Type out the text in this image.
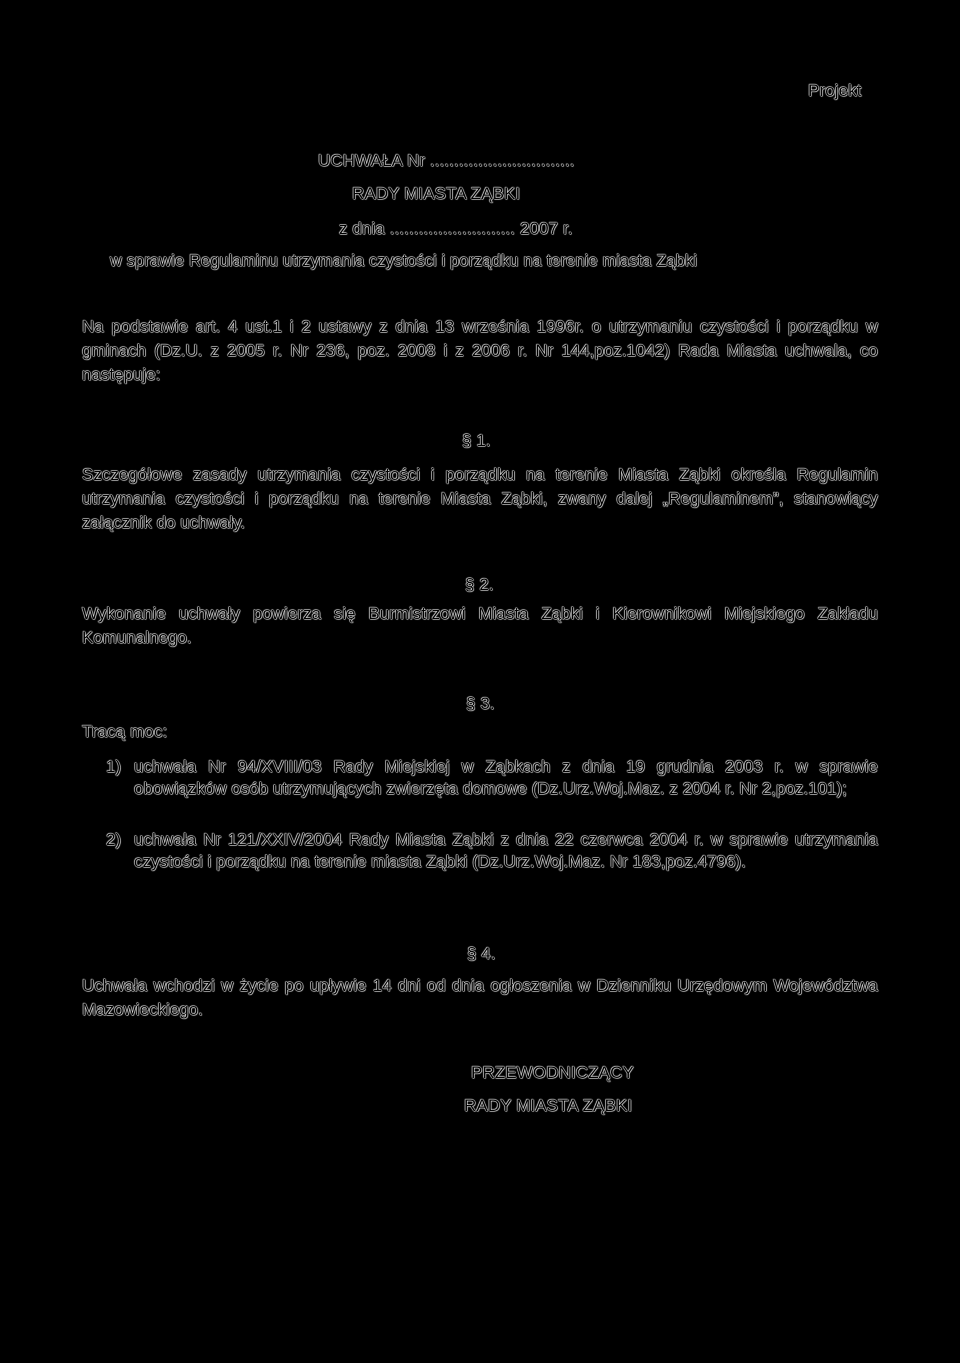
Projekt
UCHWAŁA Nr ..............................
RADY MIASTA ZĄBKI
z dnia .......................... 2007 r.
w sprawie Regulaminu utrzymania czystości i porządku na terenie miasta Ząbki
Na podstawie art. 4 ust.1 i 2 ustawy z dnia 13 września 1996r. o utrzymaniu czystości i porządku w gminach (Dz.U. z 2005 r. Nr 236, poz. 2008 i z 2006 r. Nr 144,poz.1042) Rada Miasta uchwala, co następuje:
§ 1.
Szczegółowe zasady utrzymania czystości i porządku na terenie Miasta Ząbki określa Regulamin utrzymania czystości i porządku na terenie Miasta Ząbki, zwany dalej „Regulaminem”, stanowiący załącznik do uchwały.
§ 2.
Wykonanie uchwały powierza się Burmistrzowi Miasta Ząbki i Kierownikowi Miejskiego Zakładu Komunalnego.
§ 3.
Tracą moc:
1) uchwała Nr 94/XVIII/03 Rady Miejskiej w Ząbkach z dnia 19 grudnia 2003 r. w sprawie obowiązków osób utrzymujących zwierzęta domowe (Dz.Urz.Woj.Maz. z 2004 r. Nr 2,poz.101);
2) uchwała Nr 121/XXIV/2004 Rady Miasta Ząbki z dnia 22 czerwca 2004 r. w sprawie utrzymania czystości i porządku na terenie miasta Ząbki (Dz.Urz.Woj.Maz. Nr 183,poz.4796).
§ 4.
Uchwała wchodzi w życie po upływie 14 dni od dnia ogłoszenia w Dzienniku Urzędowym Województwa Mazowieckiego.
PRZEWODNICZĄCY
RADY MIASTA ZĄBKI
